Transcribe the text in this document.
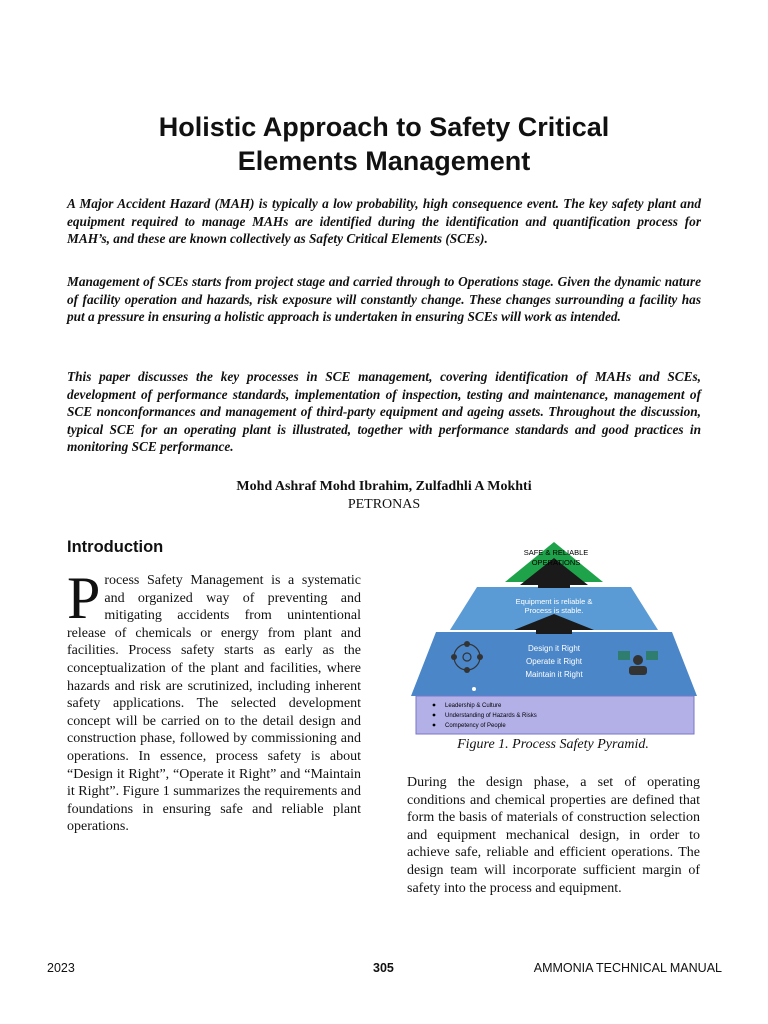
Holistic Approach to Safety Critical
Elements Management

A Major Accident Hazard (MAH) is typically a low probability, high consequence event. The key safety plant and equipment required to manage MAHs are identified during the identification and quantification process for MAH’s, and these are known collectively as Safety Critical Elements (SCEs).

Management of SCEs starts from project stage and carried through to Operations stage. Given the dynamic nature of facility operation and hazards, risk exposure will constantly change. These changes surrounding a facility has put a pressure in ensuring a holistic approach is undertaken in ensuring SCEs will work as intended.

This paper discusses the key processes in SCE management, covering identification of MAHs and SCEs, development of performance standards, implementation of inspection, testing and maintenance, management of SCE nonconformances and management of third-party equipment and ageing assets. Throughout the discussion, typical SCE for an operating plant is illustrated, together with performance standards and good practices in monitoring SCE performance.

Mohd Ashraf Mohd Ibrahim, Zulfadhli A Mokhti
PETRONAS
Introduction
Process Safety Management is a systematic and organized way of preventing and mitigating accidents from unintentional release of chemicals or energy from plant and facilities. Process safety starts as early as the conceptualization of the plant and facilities, where hazards and risk are scrutinized, including inherent safety applications. The selected development concept will be carried on to the detail design and construction phase, followed by commissioning and operations. In essence, process safety is about “Design it Right”, “Operate it Right” and “Maintain it Right”. Figure 1 summarizes the requirements and foundations in ensuring safe and reliable plant operations.
SAFE & RELIABLE
OPERATIONS
Equipment is reliable &
Process is stable.
Design it Right
Operate it Right
Maintain it Right
Leadership & Culture
Understanding of Hazards & Risks
Competency of People
Figure 1. Process Safety Pyramid.

During the design phase, a set of operating conditions and chemical properties are defined that form the basis of materials of construction selection and equipment mechanical design, in order to achieve safe, reliable and efficient operations. The design team will incorporate sufficient margin of safety into the process and equipment.

2023	305	AMMONIA TECHNICAL MANUAL
